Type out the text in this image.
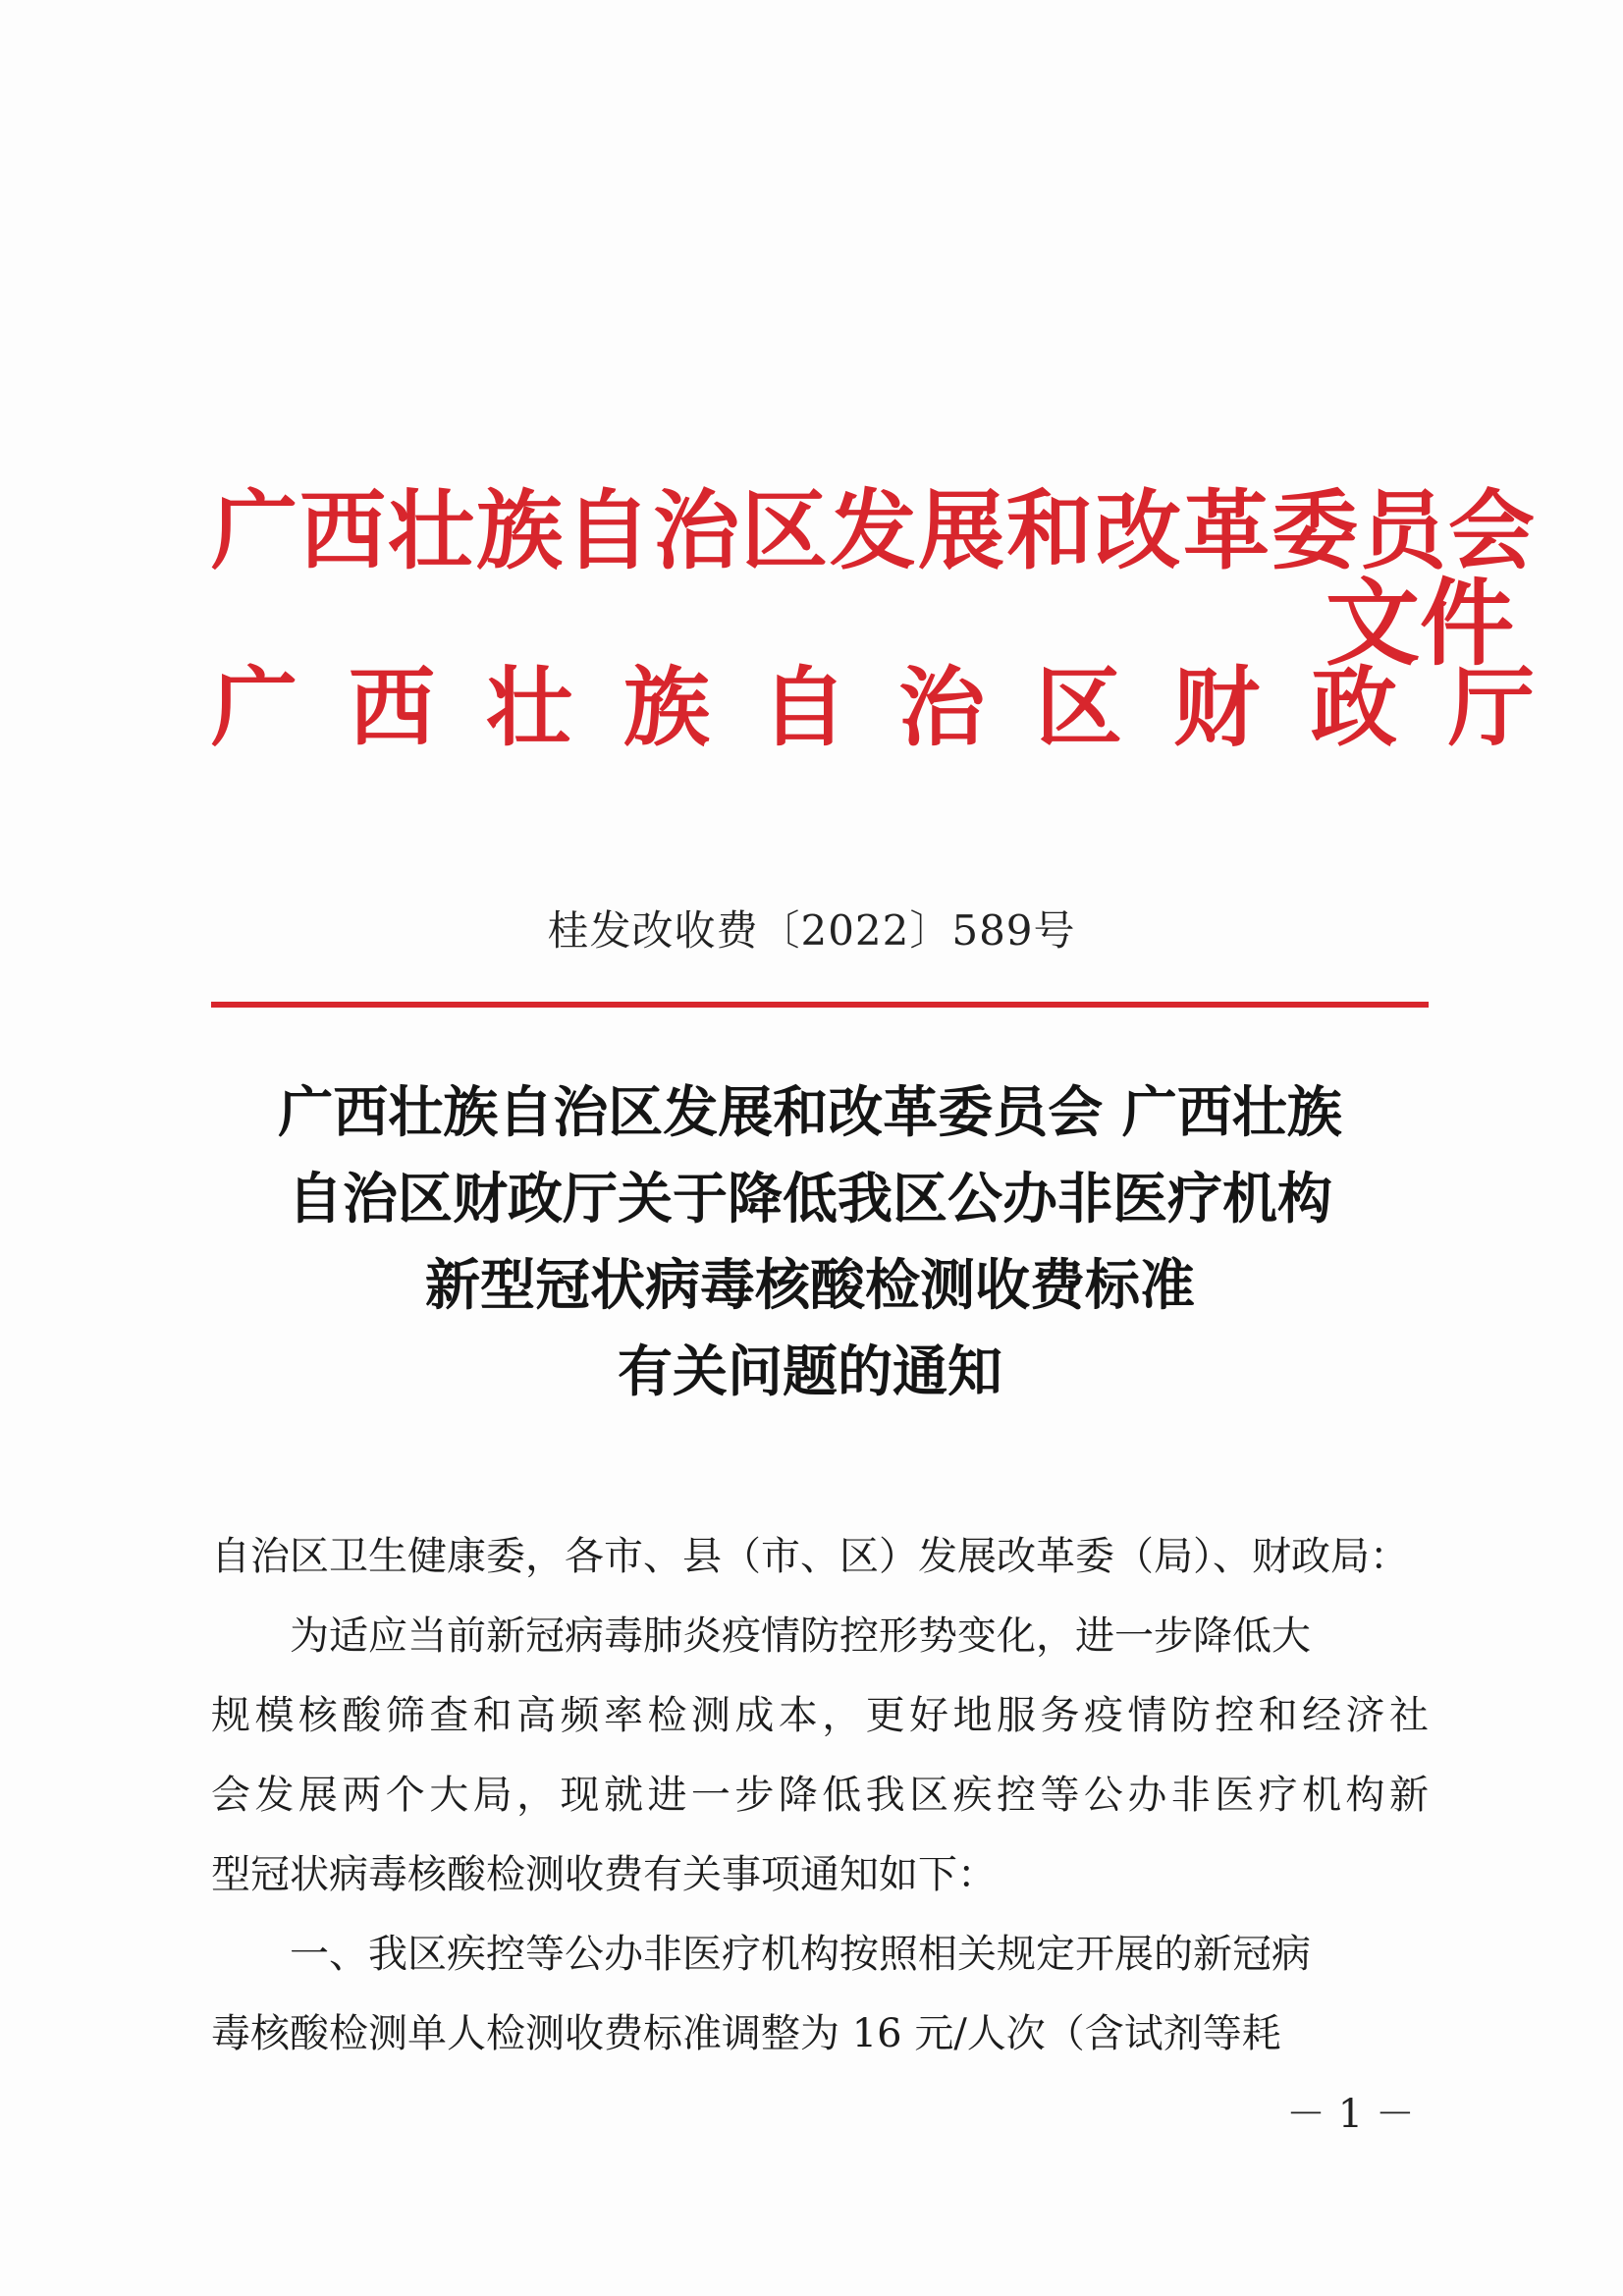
广西壮族自治区发展和改革委员会
广西壮族自治区财政厅
文件
桂发改收费〔2022〕589号
广西壮族自治区发展和改革委员会 广西壮族
自治区财政厅关于降低我区公办非医疗机构
新型冠状病毒核酸检测收费标准
有关问题的通知
自治区卫生健康委，各市、县（市、区）发展改革委（局）、财政局：
　　为适应当前新冠病毒肺炎疫情防控形势变化，进一步降低大
规模核酸筛查和高频率检测成本，更好地服务疫情防控和经济社
会发展两个大局，现就进一步降低我区疾控等公办非医疗机构新
型冠状病毒核酸检测收费有关事项通知如下：
　　一、我区疾控等公办非医疗机构按照相关规定开展的新冠病
毒核酸检测单人检测收费标准调整为 16 元/人次（含试剂等耗
－ 1 －
